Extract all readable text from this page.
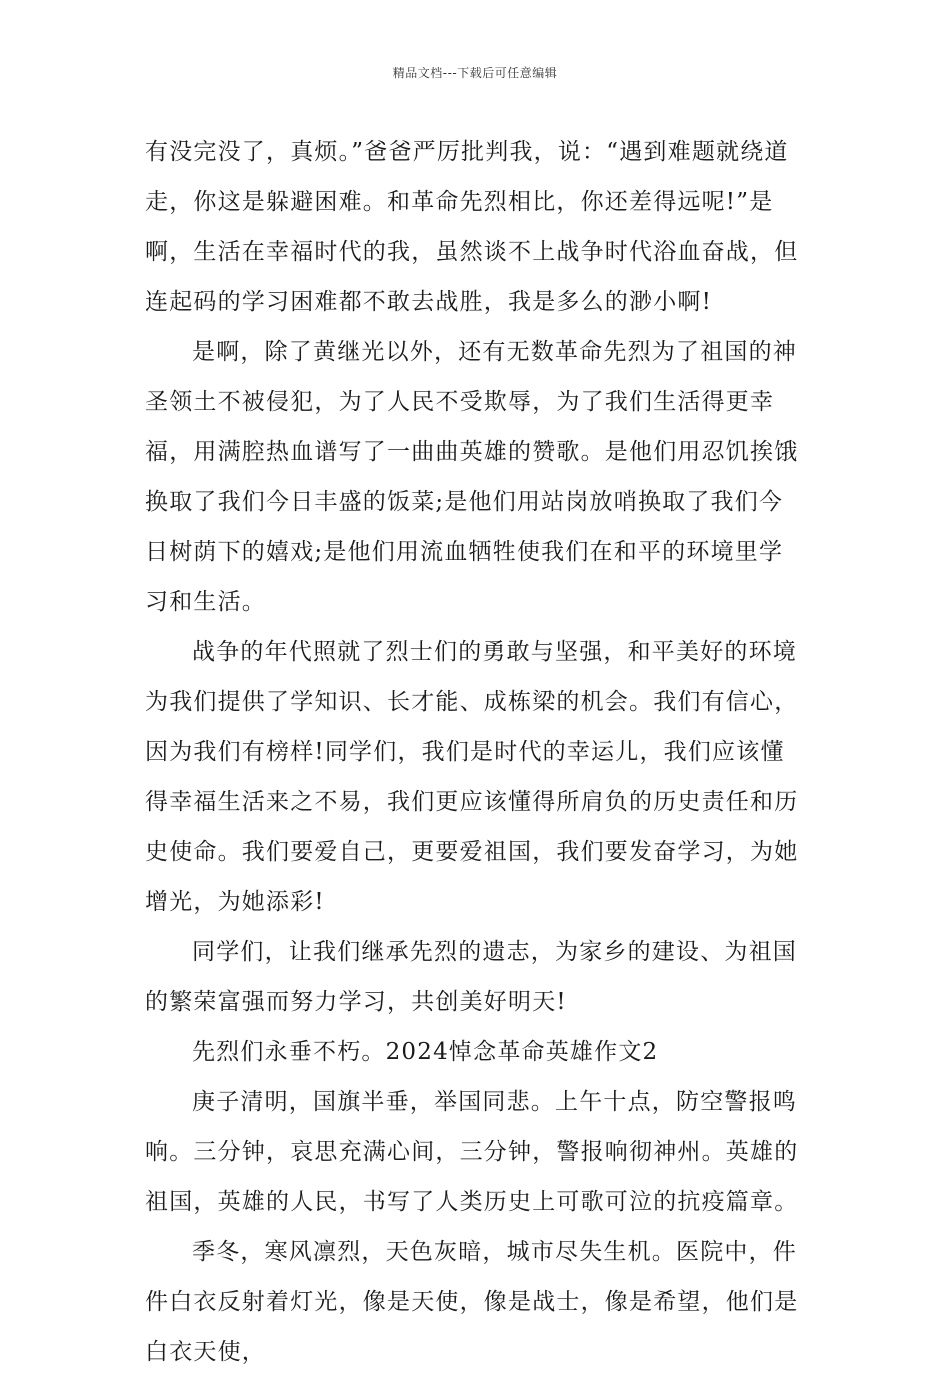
精品文档---下载后可任意编辑

有没完没了，真烦。”爸爸严厉批判我，说：“遇到难题就绕道走，你这是躲避困难。和革命先烈相比，你还差得远呢!”是啊，生活在幸福时代的我，虽然谈不上战争时代浴血奋战，但连起码的学习困难都不敢去战胜，我是多么的渺小啊!

是啊，除了黄继光以外，还有无数革命先烈为了祖国的神圣领土不被侵犯，为了人民不受欺辱，为了我们生活得更幸福，用满腔热血谱写了一曲曲英雄的赞歌。是他们用忍饥挨饿换取了我们今日丰盛的饭菜;是他们用站岗放哨换取了我们今日树荫下的嬉戏;是他们用流血牺牲使我们在和平的环境里学习和生活。

战争的年代照就了烈士们的勇敢与坚强，和平美好的环境为我们提供了学知识、长才能、成栋梁的机会。我们有信心，因为我们有榜样!同学们，我们是时代的幸运儿，我们应该懂得幸福生活来之不易，我们更应该懂得所肩负的历史责任和历史使命。我们要爱自己，更要爱祖国，我们要发奋学习，为她增光，为她添彩!

同学们，让我们继承先烈的遗志，为家乡的建设、为祖国的繁荣富强而努力学习，共创美好明天!

先烈们永垂不朽。2024悼念革命英雄作文2

庚子清明，国旗半垂，举国同悲。上午十点，防空警报鸣响。三分钟，哀思充满心间，三分钟，警报响彻神州。英雄的祖国，英雄的人民，书写了人类历史上可歌可泣的抗疫篇章。

季冬，寒风凛烈，天色灰暗，城市尽失生机。医院中，件件白衣反射着灯光，像是天使，像是战士，像是希望，他们是白衣天使，
